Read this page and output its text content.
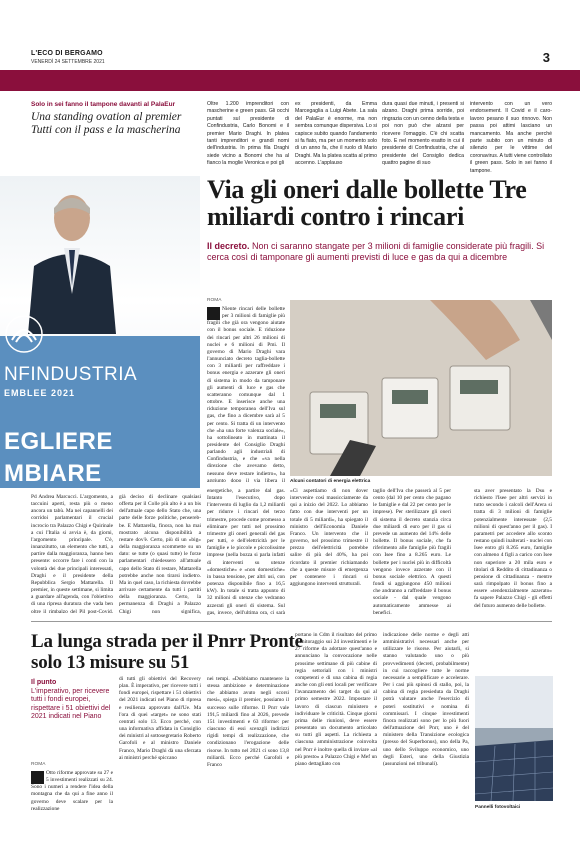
L'ECO DI BERGAMO
VENERDÌ 24 SETTEMBRE 2021	3
Solo in sei fanno il tampone davanti al PalaEur
Una standing ovation al premier Tutti con il pass e la mascherina
Oltre 1.200 imprenditori con mascherine e green pass. Gli occhi puntati sul presidente di Confindustria, Carlo Bonomi e il premier Mario Draghi. In platea tanti imprenditori e grandi nomi dell'industria. In prima fila Draghi siede vicino a Bonomi che ha al fianco la moglie Veronica e poi gli
ex presidenti, da Emma Marcegaglia a Luigi Abete. La sala del PalaEur è enorme, ma non sembra comunque dispersiva. Lo si capisce subito quando l'andamento si fa fiato, ma per un momento solo di un anno fa, che il ruolo di Mario Draghi. Ma la platea scatta al primo accenno. L'applauso
dura quasi due minuti, i presenti si alzano. Draghi prima sorride, poi ringrazia con un cenno della testa e poi non può che alzarsi per ricevere l'omaggio. C'è chi scatta foto. E nel momento esatto in cui il presidente di Confindustria, che al presidente del Consiglio dedica quattro pagine di suo
intervento con un vero endorsement. Il Covid e il caro-lavoro pesano il suo rinnovo. Non passa poi attimi lasciano un mancamento. Ma anche perché parte subito con un minuto di silenzio per le vittime del coronavirus. A tutti viene controllato il green pass. Solo in sei fanno il tampone.
NFINDUSTRIA
EMBLEE 2021
EGLIERE
MBIARE
Via gli oneri dalle bollette Tre miliardi contro i rincari
Il decreto. Non ci saranno stangate per 3 milioni di famiglie considerate più fragili. Si cerca così di tamponare gli aumenti previsti di luce e gas da qui a dicembre
ROMA
Niente rincari delle bollette per 3 milioni di famiglie più fragili che già ora vengono aiutate con il bonus sociale. E riduzione dei rincari per altri 26 milioni di nuclei e 6 milioni di Pmi. Il governo di Mario Draghi vara l'annunciato decreto taglia-bollette con 3 miliardi per raffreddare i bonus energia e azzerare gli oneri di sistema in modo da tamponare gli aumenti di luce e gas che scatteranno comunque dal 1 ottobre. E inserisce anche una riduzione temporanea dell'Iva sul gas, che fino a dicembre sarà al 5 per cento. Si tratta di un intervento che «ha una forte valenza sociale», ha sottolineato in mattinata il presidente del Consiglio Draghi parlando agli industriali di Confindustria, e che «va nella direzione che avevamo detto, nessuno deve restare indietro», ha aggiunto dopo il via libera il Alcuni contatori di energia elettrica
«Ci aspettiamo di non dover intervenire così massicciamente da qui a inizio del 2022. Lo abbiamo fatto con due interventi per un totale di 5 miliardi», ha spiegato il ministro dell'Economia Daniele Franco. Un intervento che il governo, nel prossimo trimestre il prezzo dell'elettricità potrebbe salire di più del 40%, ha poi ricordato il premier richiamando che a queste misure di emergenza per contenere i rincari si aggiungono interventi strutturali.
energetiche, a partire dal gas. Intanto l'esecutivo, dopo l'intervento di luglio da 1,2 miliardi per ridurre i rincari del terzo trimestre, procede come promesso a eliminare per tutti nel prossimo trimestre gli oneri generali del gas per tutti, e dell'elettricità per le famiglie e le piccole e piccolissime imprese (nella bozza si parla infatti di interventi su utenze «domestiche» e «non domestiche» in bassa tensione, per altri usi, con potenza disponibile fino a 16,5 kW). In totale si tratta appunto di 32 milioni di utenze che vedranno azzerati gli oneri di sistema. Sul gas, invece, dell'ultima ora, ci sarà
taglio dell'Iva che passerà al 5 per cento (dal 10 per cento che pagano le famiglie e dal 22 per cento per le imprese). Per sterilizzare gli oneri di sistema il decreto stanzia circa due miliardi di euro per il gas si prevede un aumento del 14% delle bollette. Il bonus sociale, che fa riferimento alle famiglie più fragili con Isee fino a 8.265 euro. Le bollette per i nuclei più in difficoltà vengono invece azzerate con il bonus sociale elettrico. A questi fondi si aggiungono 450 milioni che andranno a raffreddare il bonus sociale - dal quale vengono automaticamente ammesse ai benefici.
sta aver presentato la Dsu e richiesto l'Isee per altri servizi in tutto secondo i calcoli dell'Arera si tratta di 3 milioni di famiglie potenzialmente interessate (2,5 milioni di quest'anno per il gas). I parametri per accedere allo sconto restano quindi inalterati - nuclei con Isee entro gli 8.265 euro, famiglie con almeno 4 figli a carico con Isee non superiore a 20 mila euro e titolari di Reddito di cittadinanza o pensione di cittadinanza - mentre sarà rimpolpato il bonus fino a essere «tendenzialmente azzerato» fa sapere Palazzo Chigi - gli effetti del futuro aumento delle bollette.
Pd Andrea Marcucci. L'argomento, a taccuini aperti, resta più o meno ancora un tabù. Ma nei capannelli dei corridoi parlamentari il crucial incrocio tra Palazzo Chigi e Quirinale a cui l'Italia si avvia è, da giorni, l'argomento principale. C'è, innanzitutto, un elemento che tutti, a partire dalla maggioranza, hanno ben presente: occorre fare i conti con la volontà dei due principali interessati, Draghi e il presidente della Repubblica Sergio Mattarella. Il premier, in queste settimane, si limita a guardare all'agenda, con l'obiettivo di una ripresa duratura che vada ben oltre il rimbalzo del Pil post-Covid.
già deciso di declinare qualsiasi offerta per il Colle più alto è a un bis dell'attuale capo dello Stato che, una parte delle forze politiche, penserebbe. E Mattarella, finora, non ha mai mostrato alcuna disponibilità a restare dov'è. Certo, più di un «big» della maggioranza scommette su un dato: se tutte (o quasi tutte) le forze parlamentari chiedessero all'attuale capo dello Stato di restare, Mattarella potrebbe anche non tirarsi indietro. Ma in quel caso, la richiesta dovrebbe arrivare certamente da tutti i partiti della maggioranza. Certo, la permanenza di Draghi a Palazzo Chigi non significa,
La lunga strada per il Pnrr Pronte solo 13 misure su 51
Il punto
L'imperativo, per ricevere tutti i fondi europei, rispettare i 51 obiettivi del 2021 indicati nel Piano
ROMA
Otto riforme approvate su 27 e 5 investimenti realizzati su 24. Sono i numeri a rendere l'idea della montagna che da qui a fine anno il governo deve scalare per la realizzazione
di tutti gli obiettivi del Recovery plan. È imperativo, per ricevere tutti i fondi europei, rispettare i 51 obiettivi del 2021 indicati nel Piano di ripresa e resilienza approvato dall'Ue. Ma l'ora di quei «target» ne sono stati centrati solo 13. Ecco perché, con una informativa affidata in Consiglio dei ministri al sottosegretario Roberto Garofoli e al ministro Daniele Franco, Mario Draghi dà una sferzata ai ministri perché spiccano
nei tempi. «Dobbiamo mantenere la stessa ambizione e determinazione che abbiamo avuto negli scorsi mesi», spiega il premier, possiamo il successo sulle riforme. Il Pnrr vale 191,5 miliardi fino al 2026, prevede 151 investimenti e 63 riforme: per ciascuno di essi scenzgli indirizzi rigidi tempi di realizzazione, che condizionano l'erogazione delle risorse. In tutto nel 2021 ci sono 13,8 miliardi. Ecco perché Garofoli e Franco
portano in Cdm il risultato del primo monitoraggio sui 24 investimenti e le 27 riforme da adottare quest'anno e annunciano la convocazione nelle prossime settimane di più cabine di regia settoriali con i ministri competenti e di una cabina di regia anche con gli enti locali per verificare l'avanzamento dei target da qui al primo semestre 2022. Impostare il lavoro di ciascun ministero e individuare le criticità. Cinque giorni prima delle riunioni, deve essere presentato un documento articolato su tutti gli aspetti. La richiesta a ciascuna amministrazione coinvolta nel Pnrr è inoltre quella di inviare «al più presto» a Palazzo Chigi e Mef un piano dettagliato con
indicazione delle norme e degli atti amministrativi necessari anche per utilizzare le risorse. Per aiutarli, si stanno valutando uno o più provvedimenti (decreti, probabilmente) in cui raccogliere tutte le norme necessarie a semplificare e accelerare. Per i casi più spinosi di stallo, poi, la cabina di regia presieduta da Draghi potrà valutare anche l'esercizio di poteri sostitutivi e nomina di commissari. I cinque investimenti finora realizzati sono per lo più fuori dell'attuazione del Pnrr, uno è del ministero della Transizione ecologica (presso del Superbonus), uno della Pa, uno dello Sviluppo economico, uno degli Esteri, uno della Giustizia (assunzioni nei tribunali).
Pannelli fotovoltaici
